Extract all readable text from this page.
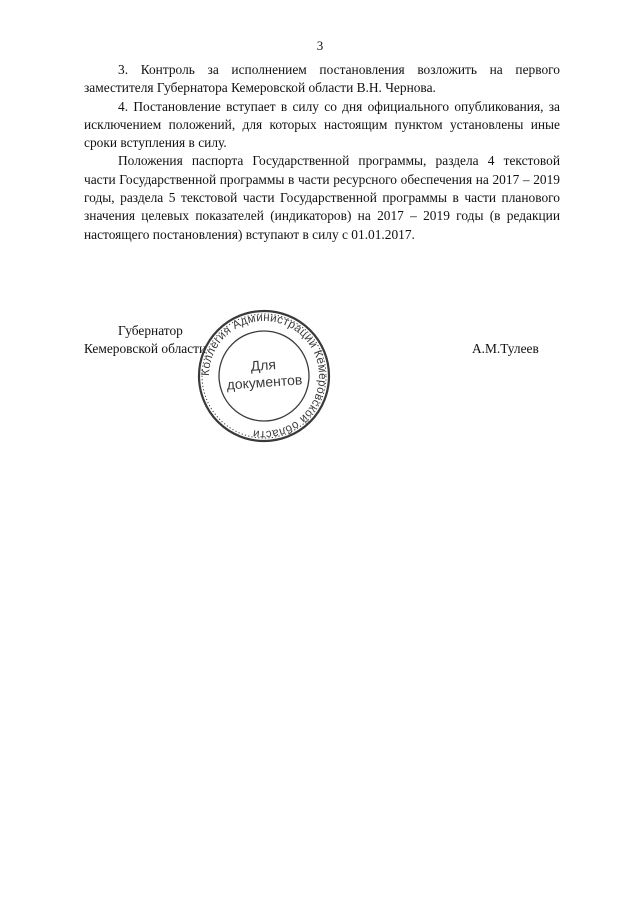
3

3. Контроль за исполнением постановления возложить на первого заместителя Губернатора Кемеровской области В.Н. Чернова.

4. Постановление вступает в силу со дня официального опубликования, за исключением положений, для которых настоящим пунктом установлены иные сроки вступления в силу.

Положения паспорта Государственной программы, раздела 4 текстовой части Государственной программы в части ресурсного обеспечения на 2017 – 2019 годы, раздела 5 текстовой части Государственной программы в части планового значения целевых показателей (индикаторов) на 2017 – 2019 годы (в редакции настоящего постановления) вступают в силу с 01.01.2017.

Губернатор
Кемеровской области	А.М.Тулеев
Коллегия Администрации Кемеровской области
Для
документов
